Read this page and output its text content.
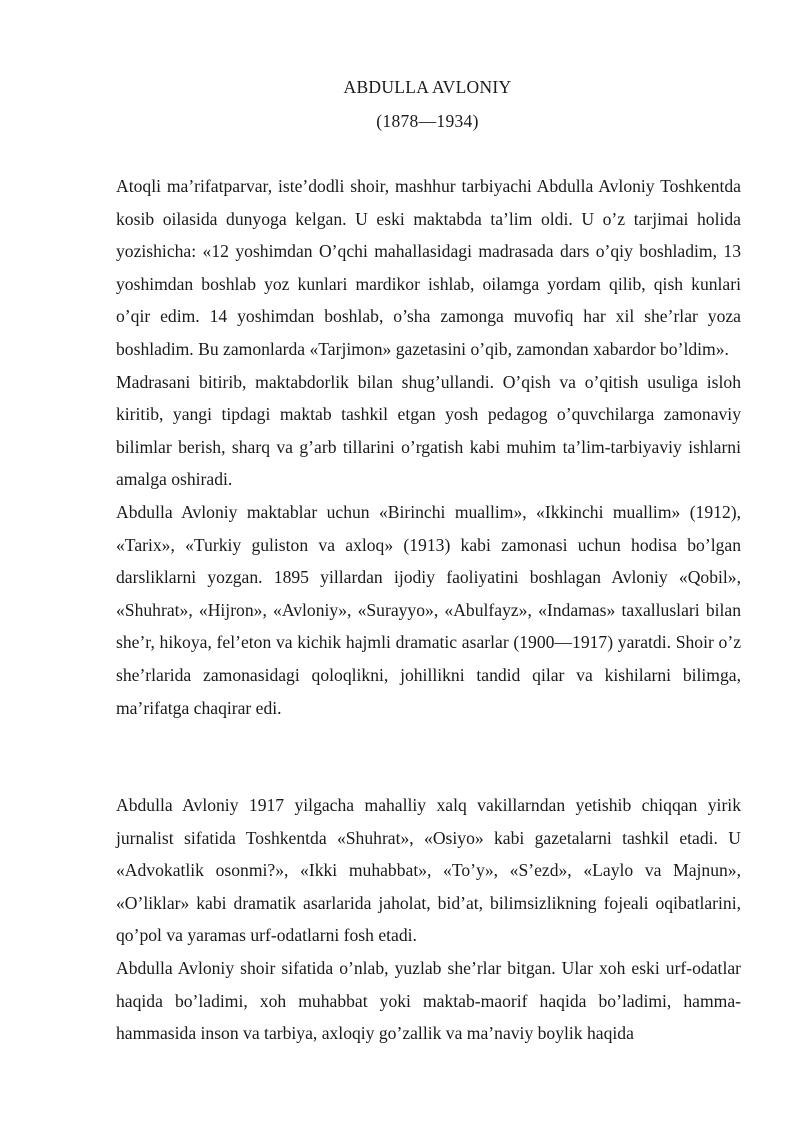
ABDULLA AVLONIY
(1878—1934)

Atoqli ma’rifatparvar, iste’dodli shoir, mashhur tarbiyachi Abdulla Avloniy Toshkentda kosib oilasida dunyoga kelgan. U eski maktabda ta’lim oldi. U o’z tarjimai holida yozishicha: «12 yoshimdan O’qchi mahallasidagi madrasada dars o’qiy boshladim, 13 yoshimdan boshlab yoz kunlari mardikor ishlab, oilamga yordam qilib, qish kunlari o’qir edim. 14 yoshimdan boshlab, o’sha zamonga muvofiq har xil she’rlar yoza boshladim. Bu zamonlarda «Tarjimon» gazetasini o’qib, zamondan xabardor bo’ldim».

Madrasani bitirib, maktabdorlik bilan shug’ullandi. O’qish va o’qitish usuliga isloh kiritib, yangi tipdagi maktab tashkil etgan yosh pedagog o’quvchilarga zamonaviy bilimlar berish, sharq va g’arb tillarini o’rgatish kabi muhim ta’lim-tarbiyaviy ishlarni amalga oshiradi.

Abdulla Avloniy maktablar uchun «Birinchi muallim», «Ikkinchi muallim» (1912), «Tarix», «Turkiy guliston va axloq» (1913) kabi zamonasi uchun hodisa bo’lgan darsliklarni yozgan. 1895 yillardan ijodiy faoliyatini boshlagan Avloniy «Qobil», «Shuhrat», «Hijron», «Avloniy», «Surayyo», «Abulfayz», «Indamas» taxalluslari bilan she’r, hikoya, fel’eton va kichik hajmli dramatic asarlar (1900—1917) yaratdi. Shoir o’z she’rlarida zamonasidagi qoloqlikni, johillikni tandid qilar va kishilarni bilimga, ma’rifatga chaqirar edi.

Abdulla Avloniy 1917 yilgacha mahalliy xalq vakillarndan yetishib chiqqan yirik jurnalist sifatida Toshkentda «Shuhrat», «Osiyo» kabi gazetalarni tashkil etadi. U «Advokatlik osonmi?», «Ikki muhabbat», «To’y», «S’ezd», «Laylo va Majnun», «O’liklar» kabi dramatik asarlarida jaholat, bid’at, bilimsizlikning fojeali oqibatlarini, qo’pol va yaramas urf-odatlarni fosh etadi.

Abdulla Avloniy shoir sifatida o’nlab, yuzlab she’rlar bitgan. Ular xoh eski urf-odatlar haqida bo’ladimi, xoh muhabbat yoki maktab-maorif haqida bo’ladimi, hamma-hammasida inson va tarbiya, axloqiy go’zallik va ma’naviy boylik haqida
